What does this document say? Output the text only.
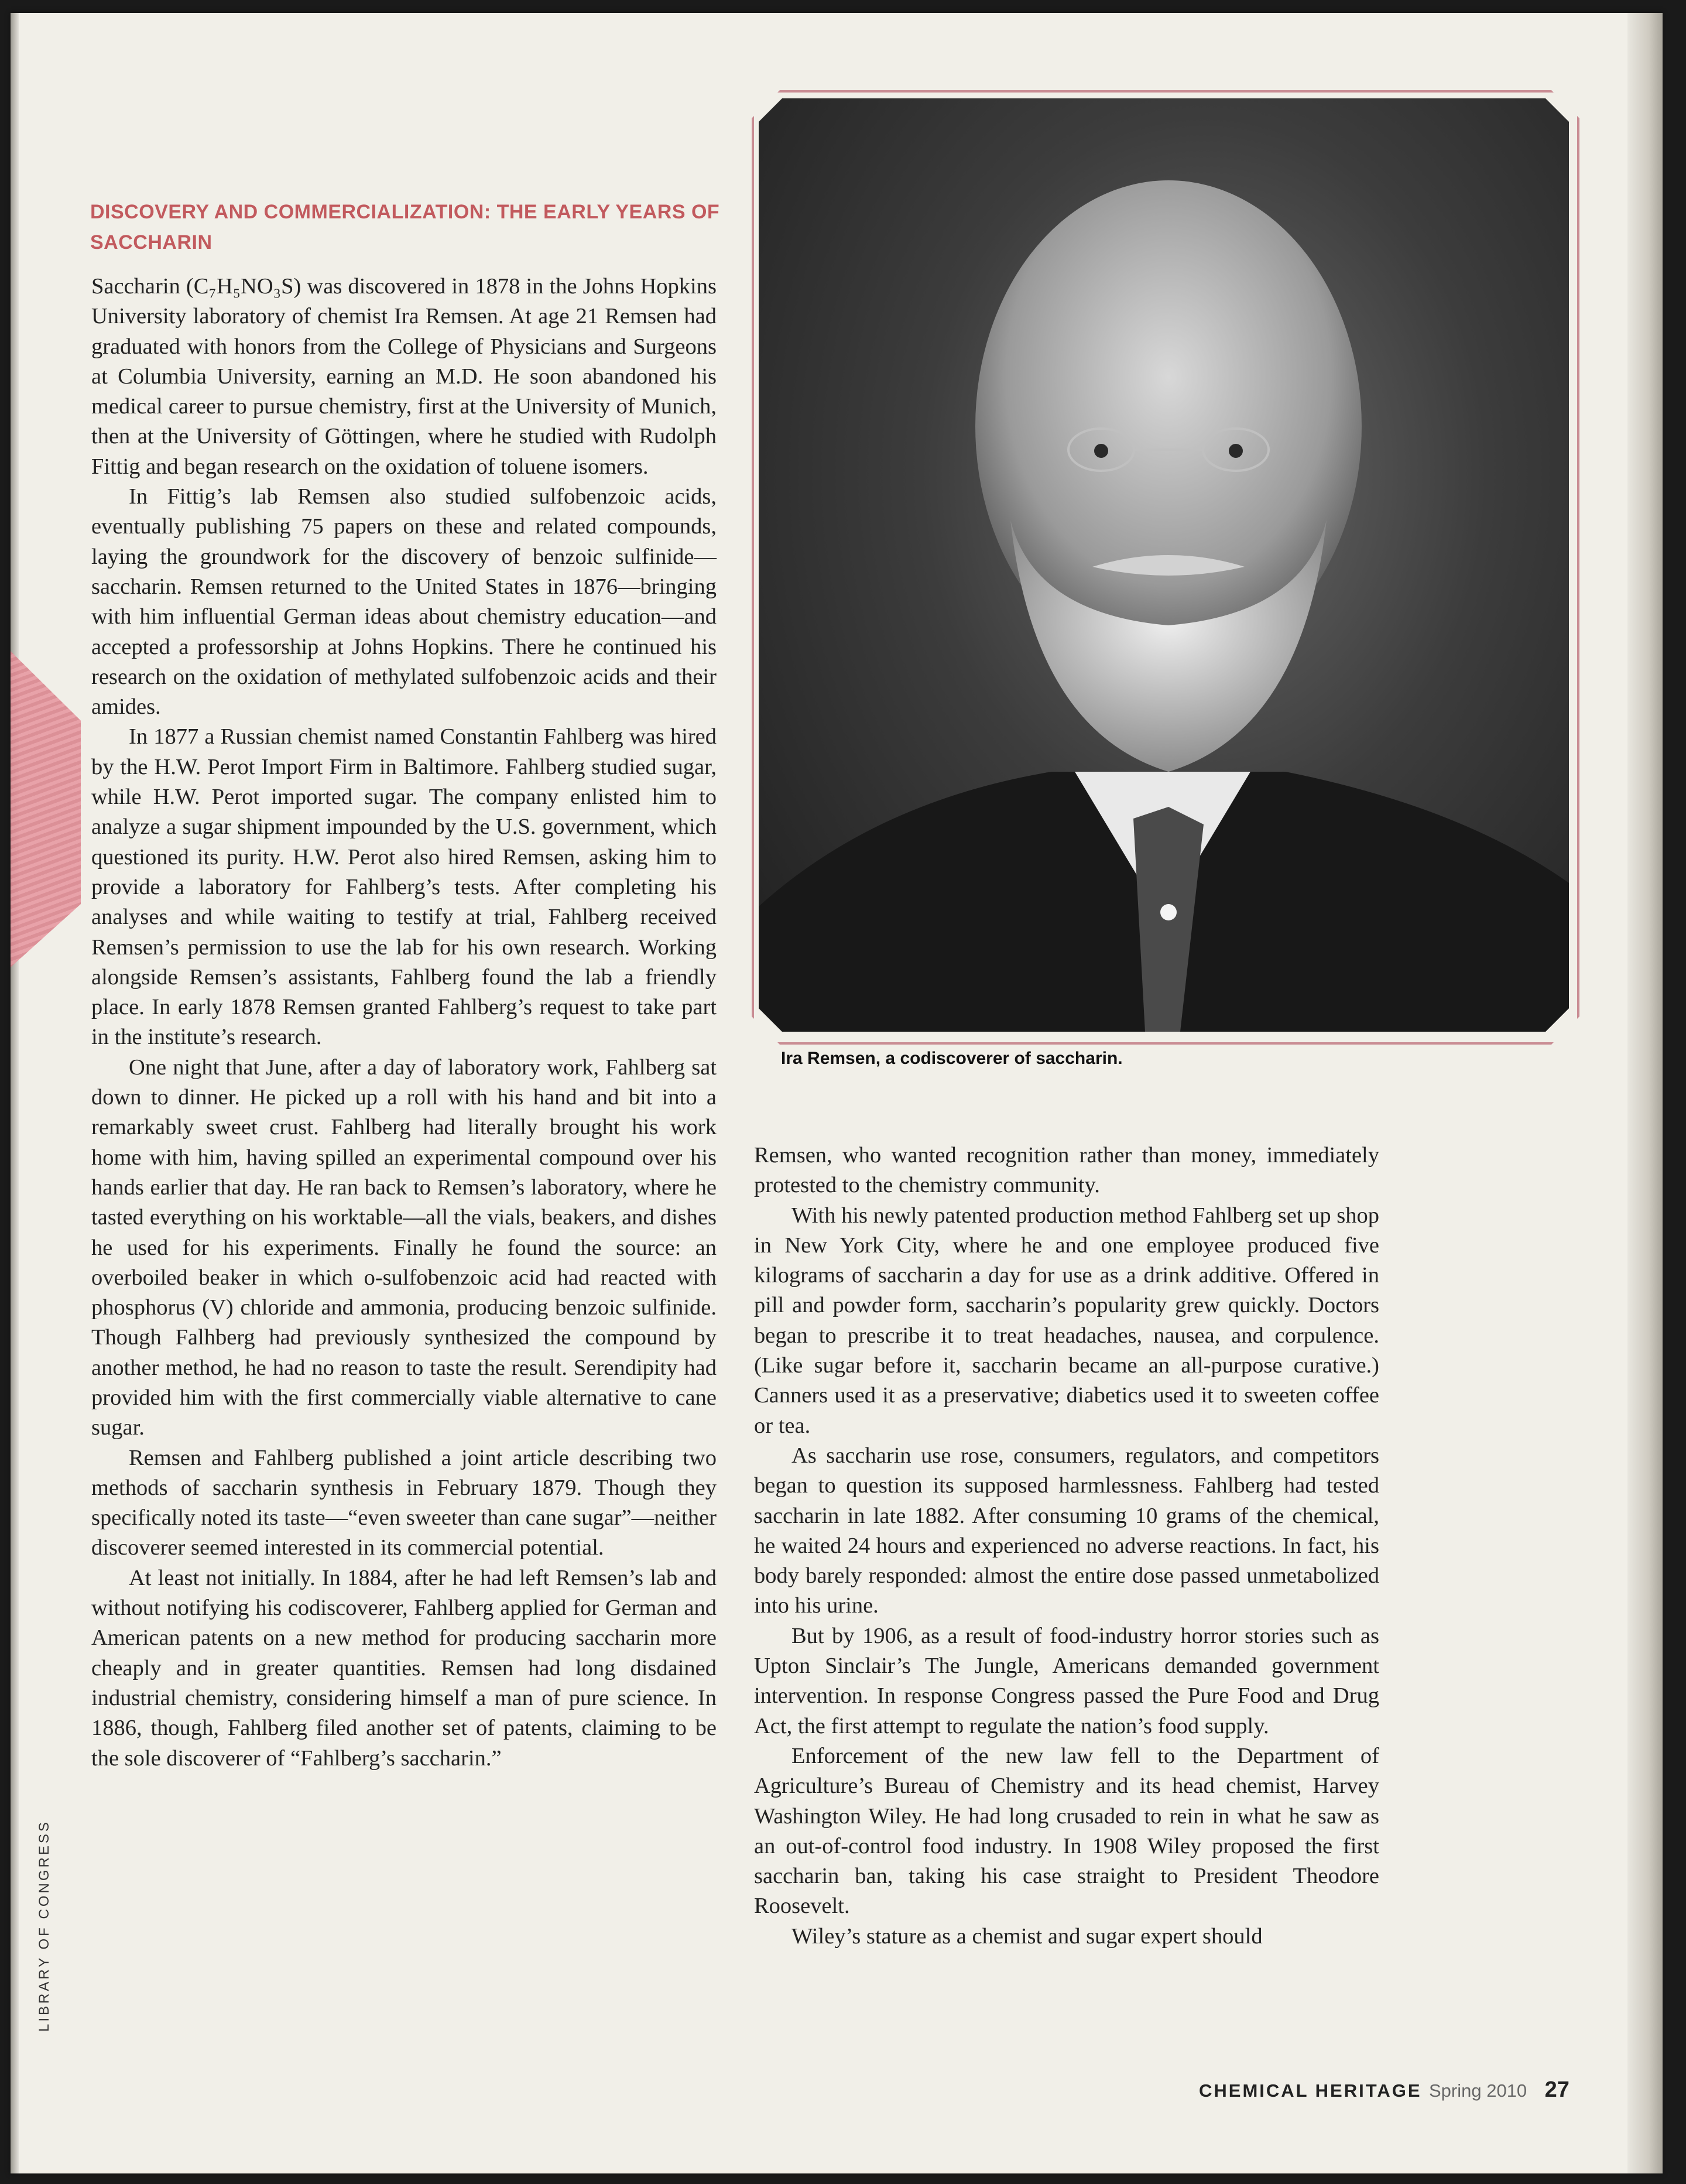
DISCOVERY AND COMMERCIALIZATION: THE EARLY YEARS OF SACCHARIN

Saccharin (C₇H₅NO₃S) was discovered in 1878 in the Johns Hopkins University laboratory of chemist Ira Remsen. At age 21 Remsen had graduated with honors from the College of Physicians and Surgeons at Columbia University, earning an M.D. He soon abandoned his medical career to pursue chemistry, first at the University of Munich, then at the University of Göttingen, where he studied with Rudolph Fittig and began research on the oxidation of toluene isomers.

In Fittig’s lab Remsen also studied sulfobenzoic acids, eventually publishing 75 papers on these and related compounds, laying the groundwork for the discovery of benzoic sulfinide—saccharin. Remsen returned to the United States in 1876—bringing with him influential German ideas about chemistry education—and accepted a professorship at Johns Hopkins. There he continued his research on the oxidation of methylated sulfobenzoic acids and their amides.

In 1877 a Russian chemist named Constantin Fahlberg was hired by the H.W. Perot Import Firm in Baltimore. Fahlberg studied sugar, while H.W. Perot imported sugar. The company enlisted him to analyze a sugar shipment impounded by the U.S. government, which questioned its purity. H.W. Perot also hired Remsen, asking him to provide a laboratory for Fahlberg’s tests. After completing his analyses and while waiting to testify at trial, Fahlberg received Remsen’s permission to use the lab for his own research. Working alongside Remsen’s assistants, Fahlberg found the lab a friendly place. In early 1878 Remsen granted Fahlberg’s request to take part in the institute’s research.

One night that June, after a day of laboratory work, Fahlberg sat down to dinner. He picked up a roll with his hand and bit into a remarkably sweet crust. Fahlberg had literally brought his work home with him, having spilled an experimental compound over his hands earlier that day. He ran back to Remsen’s laboratory, where he tasted everything on his worktable—all the vials, beakers, and dishes he used for his experiments. Finally he found the source: an overboiled beaker in which o-sulfobenzoic acid had reacted with phosphorus (V) chloride and ammonia, producing benzoic sulfinide. Though Falhberg had previously synthesized the compound by another method, he had no reason to taste the result. Serendipity had provided him with the first commercially viable alternative to cane sugar.

Remsen and Fahlberg published a joint article describing two methods of saccharin synthesis in February 1879. Though they specifically noted its taste—“even sweeter than cane sugar”—neither discoverer seemed interested in its commercial potential.

At least not initially. In 1884, after he had left Remsen’s lab and without notifying his codiscoverer, Fahlberg applied for German and American patents on a new method for producing saccharin more cheaply and in greater quantities. Remsen had long disdained industrial chemistry, considering himself a man of pure science. In 1886, though, Fahlberg filed another set of patents, claiming to be the sole discoverer of “Fahlberg’s saccharin.”

Ira Remsen, a codiscoverer of saccharin.

Remsen, who wanted recognition rather than money, immediately protested to the chemistry community.

With his newly patented production method Fahlberg set up shop in New York City, where he and one employee produced five kilograms of saccharin a day for use as a drink additive. Offered in pill and powder form, saccharin’s popularity grew quickly. Doctors began to prescribe it to treat headaches, nausea, and corpulence. (Like sugar before it, saccharin became an all-purpose curative.) Canners used it as a preservative; diabetics used it to sweeten coffee or tea.

As saccharin use rose, consumers, regulators, and competitors began to question its supposed harmlessness. Fahlberg had tested saccharin in late 1882. After consuming 10 grams of the chemical, he waited 24 hours and experienced no adverse reactions. In fact, his body barely responded: almost the entire dose passed unmetabolized into his urine.

But by 1906, as a result of food-industry horror stories such as Upton Sinclair’s The Jungle, Americans demanded government intervention. In response Congress passed the Pure Food and Drug Act, the first attempt to regulate the nation’s food supply.

Enforcement of the new law fell to the Department of Agriculture’s Bureau of Chemistry and its head chemist, Harvey Washington Wiley. He had long crusaded to rein in what he saw as an out-of-control food industry. In 1908 Wiley proposed the first saccharin ban, taking his case straight to President Theodore Roosevelt.

Wiley’s stature as a chemist and sugar expert should

LIBRARY OF CONGRESS
CHEMICAL HERITAGE Spring 2010 27
